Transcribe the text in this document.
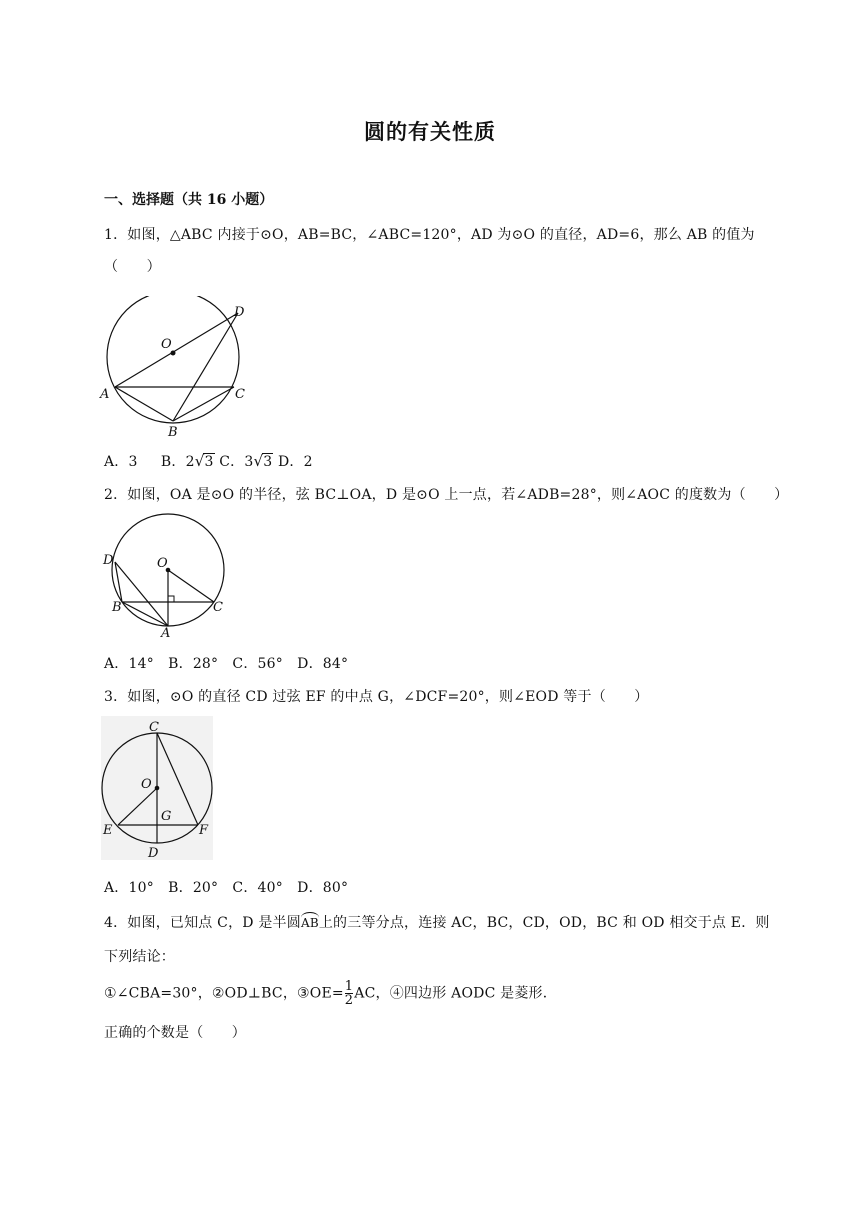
圆的有关性质
一、选择题（共 16 小题）
1．如图，△ABC 内接于⊙O，AB=BC，∠ABC=120°，AD 为⊙O 的直径，AD=6，那么 AB 的值为
（　　）
O
D
A	C
B
A．3 B．2√3 C．3√3 D．2
2．如图，OA 是⊙O 的半径，弦 BC⊥OA，D 是⊙O 上一点，若∠ADB=28°，则∠AOC 的度数为（　　）
D	O
B	C
A
A．14°　B．28°　C．56°　D．84°
3．如图，⊙O 的直径 CD 过弦 EF 的中点 G，∠DCF=20°，则∠EOD 等于（　　）
C
O
G
E	F
D
A．10°　B．20°　C．40°　D．80°
4．如图，已知点 C，D 是半圆AB上的三等分点，连接 AC，BC，CD，OD，BC 和 OD 相交于点 E．则
下列结论：
①∠CBA=30°，②OD⊥BC，③OE= $\frac{1}{2}$ AC，④四边形 AODC 是菱形．
正确的个数是（　　）
